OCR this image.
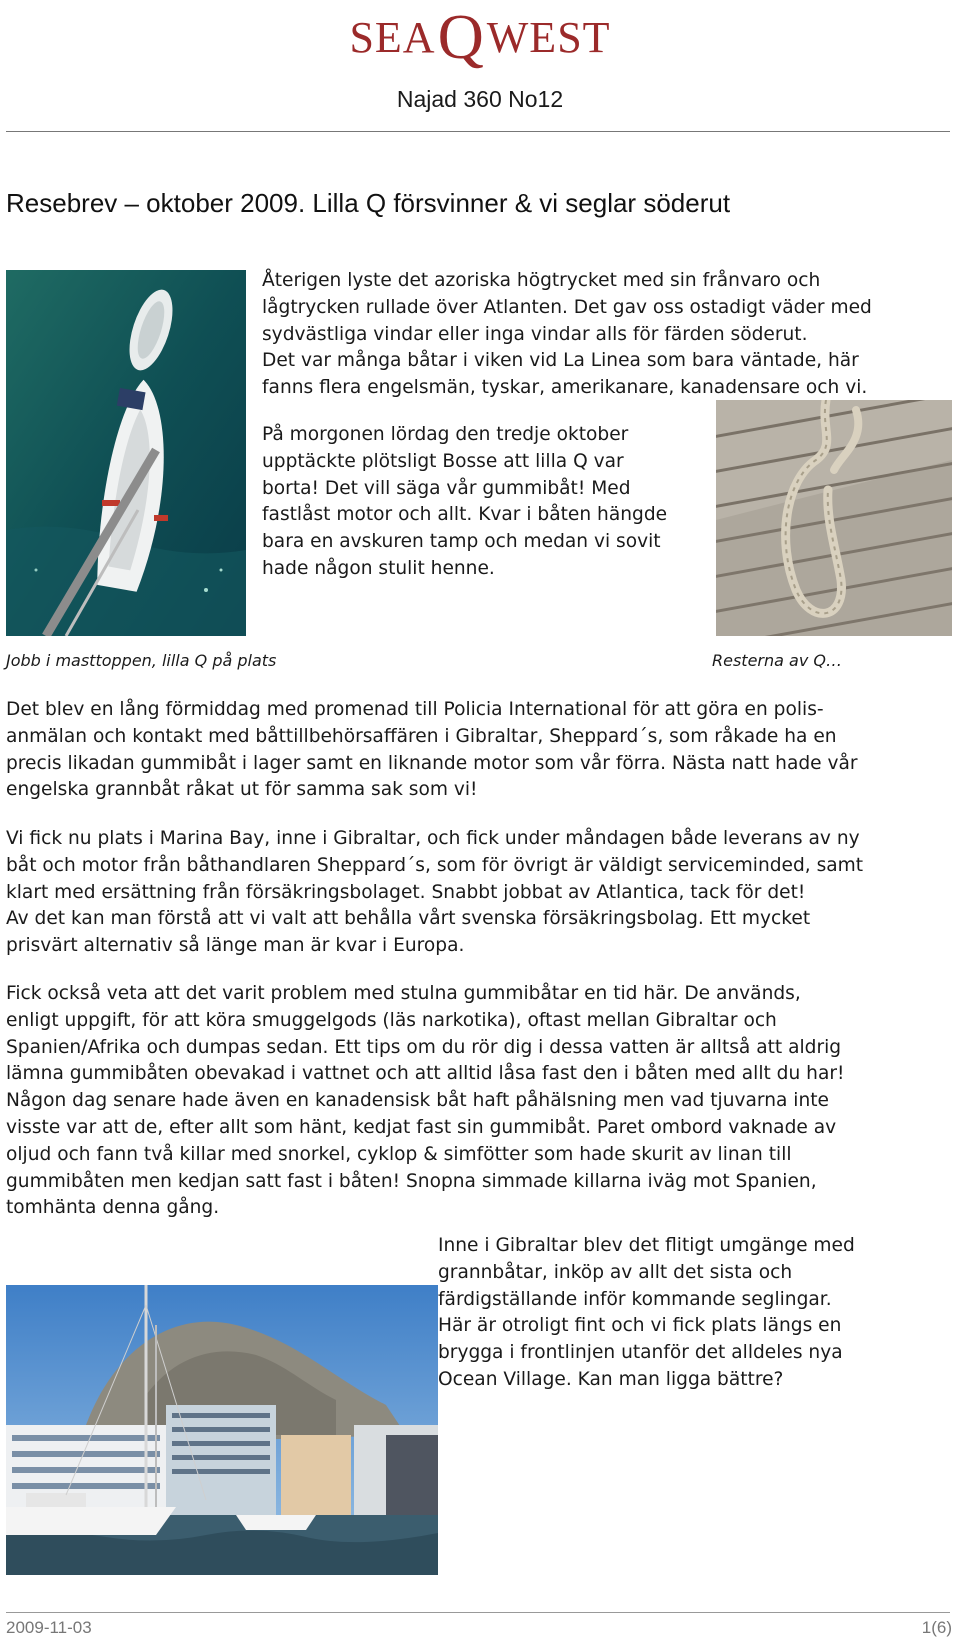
SEAQWEST
Najad 360 No12
Resebrev – oktober 2009. Lilla Q försvinner & vi seglar söderut

Återigen lyste det azoriska högtrycket med sin frånvaro och

lågtrycken rullade över Atlanten. Det gav oss ostadigt väder med

sydvästliga vindar eller inga vindar alls för färden söderut.

Det var många båtar i viken vid La Linea som bara väntade, här

fanns flera engelsmän, tyskar, amerikanare, kanadensare och vi.

På morgonen lördag den tredje oktober

upptäckte plötsligt Bosse att lilla Q var

borta! Det vill säga vår gummibåt! Med

fastlåst motor och allt. Kvar i båten hängde

bara en avskuren tamp och medan vi sovit

hade någon stulit henne.

Jobb i masttoppen, lilla Q på plats	Resterna av Q…

Det blev en lång förmiddag med promenad till Policia International för att göra en polis-

anmälan och kontakt med båttillbehörsaffären i Gibraltar, Sheppard´s, som råkade ha en

precis likadan gummibåt i lager samt en liknande motor som vår förra. Nästa natt hade vår

engelska grannbåt råkat ut för samma sak som vi!

Vi fick nu plats i Marina Bay, inne i Gibraltar, och fick under måndagen både leverans av ny

båt och motor från båthandlaren Sheppard´s, som för övrigt är väldigt serviceminded, samt

klart med ersättning från försäkringsbolaget. Snabbt jobbat av Atlantica, tack för det!

Av det kan man förstå att vi valt att behålla vårt svenska försäkringsbolag. Ett mycket

prisvärt alternativ så länge man är kvar i Europa.

Fick också veta att det varit problem med stulna gummibåtar en tid här. De används,

enligt uppgift, för att köra smuggelgods (läs narkotika), oftast mellan Gibraltar och

Spanien/Afrika och dumpas sedan. Ett tips om du rör dig i dessa vatten är alltså att aldrig

lämna gummibåten obevakad i vattnet och att alltid låsa fast den i båten med allt du har!

Någon dag senare hade även en kanadensisk båt haft påhälsning men vad tjuvarna inte

visste var att de, efter allt som hänt, kedjat fast sin gummibåt. Paret ombord vaknade av

oljud och fann två killar med snorkel, cyklop & simfötter som hade skurit av linan till

gummibåten men kedjan satt fast i båten! Snopna simmade killarna iväg mot Spanien,

tomhänta denna gång.

Inne i Gibraltar blev det flitigt umgänge med

grannbåtar, inköp av allt det sista och

färdigställande inför kommande seglingar.

Här är otroligt fint och vi fick plats längs en

brygga i frontlinjen utanför det alldeles nya

Ocean Village. Kan man ligga bättre?

2009-11-03	1(6)
